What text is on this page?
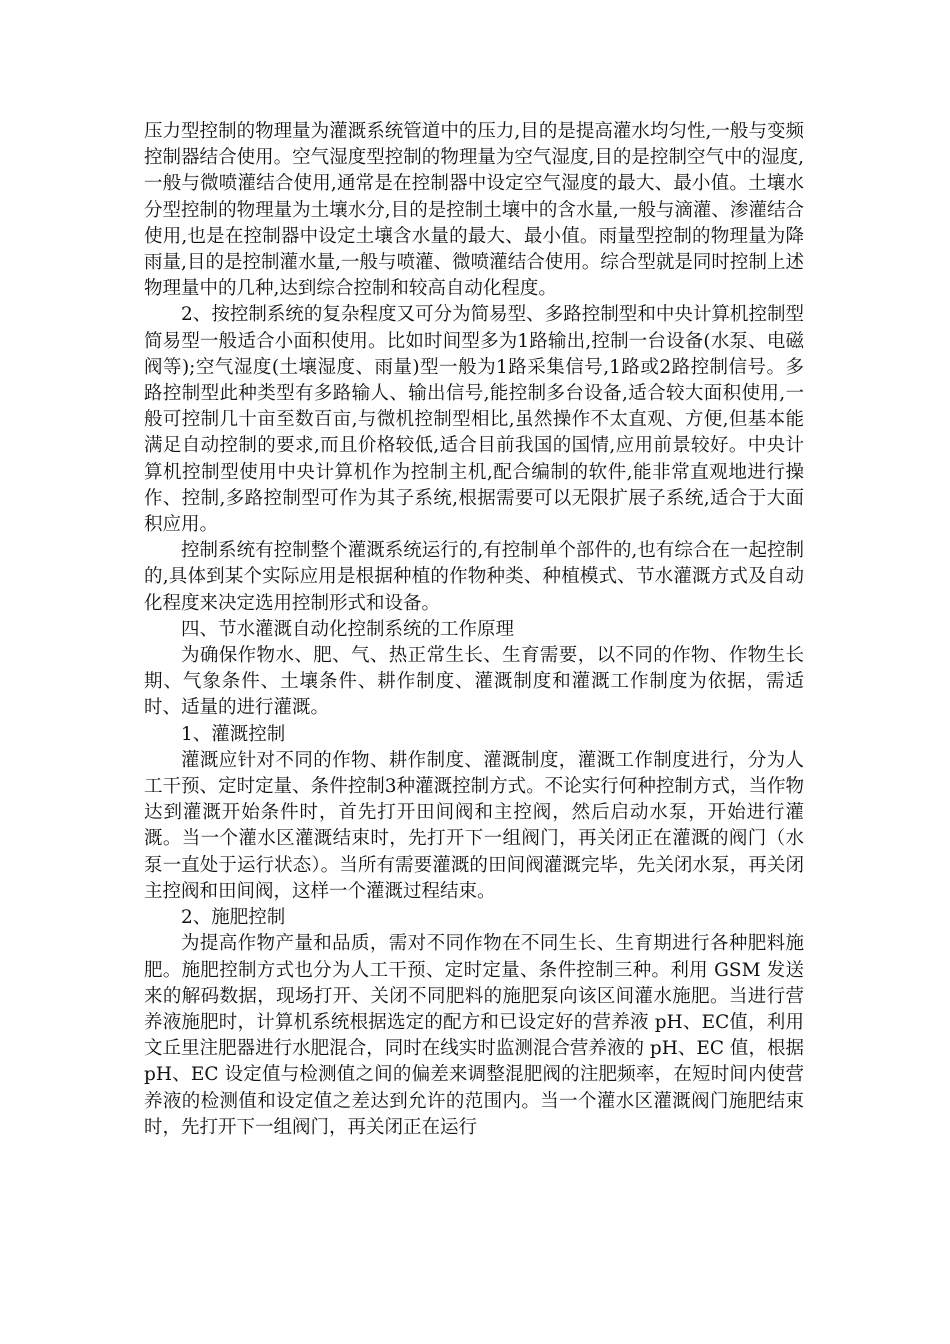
压力型控制的物理量为灌溉系统管道中的压力,目的是提高灌水均匀性,一般与变频控制器结合使用。空气湿度型控制的物理量为空气湿度,目的是控制空气中的湿度,一般与微喷灌结合使用,通常是在控制器中设定空气湿度的最大、最小值。土壤水分型控制的物理量为土壤水分,目的是控制土壤中的含水量,一般与滴灌、渗灌结合使用,也是在控制器中设定土壤含水量的最大、最小值。雨量型控制的物理量为降雨量,目的是控制灌水量,一般与喷灌、微喷灌结合使用。综合型就是同时控制上述物理量中的几种,达到综合控制和较高自动化程度。

2、按控制系统的复杂程度又可分为简易型、多路控制型和中央计算机控制型简易型一般适合小面积使用。比如时间型多为1路输出,控制一台设备(水泵、电磁阀等);空气湿度(土壤湿度、雨量)型一般为1路采集信号,1路或2路控制信号。多路控制型此种类型有多路输人、输出信号,能控制多台设备,适合较大面积使用,一般可控制几十亩至数百亩,与微机控制型相比,虽然操作不太直观、方便,但基本能满足自动控制的要求,而且价格较低,适合目前我国的国情,应用前景较好。中央计算机控制型使用中央计算机作为控制主机,配合编制的软件,能非常直观地进行操作、控制,多路控制型可作为其子系统,根据需要可以无限扩展子系统,适合于大面积应用。

控制系统有控制整个灌溉系统运行的,有控制单个部件的,也有综合在一起控制的,具体到某个实际应用是根据种植的作物种类、种植模式、节水灌溉方式及自动化程度来决定选用控制形式和设备。

四、节水灌溉自动化控制系统的工作原理

为确保作物水、肥、气、热正常生长、生育需要，以不同的作物、作物生长期、气象条件、土壤条件、耕作制度、灌溉制度和灌溉工作制度为依据，需适时、适量的进行灌溉。

1、灌溉控制

灌溉应针对不同的作物、耕作制度、灌溉制度，灌溉工作制度进行，分为人工干预、定时定量、条件控制3种灌溉控制方式。不论实行何种控制方式，当作物达到灌溉开始条件时，首先打开田间阀和主控阀，然后启动水泵，开始进行灌溉。当一个灌水区灌溉结束时，先打开下一组阀门，再关闭正在灌溉的阀门（水泵一直处于运行状态）。当所有需要灌溉的田间阀灌溉完毕，先关闭水泵，再关闭主控阀和田间阀，这样一个灌溉过程结束。

2、施肥控制

为提高作物产量和品质，需对不同作物在不同生长、生育期进行各种肥料施肥。施肥控制方式也分为人工干预、定时定量、条件控制三种。利用 GSM 发送来的解码数据，现场打开、关闭不同肥料的施肥泵向该区间灌水施肥。当进行营养液施肥时，计算机系统根据选定的配方和已设定好的营养液 pH、EC值，利用文丘里注肥器进行水肥混合，同时在线实时监测混合营养液的 pH、EC 值，根据pH、EC 设定值与检测值之间的偏差来调整混肥阀的注肥频率，在短时间内使营养液的检测值和设定值之差达到允许的范围内。当一个灌水区灌溉阀门施肥结束时，先打开下一组阀门，再关闭正在运行
